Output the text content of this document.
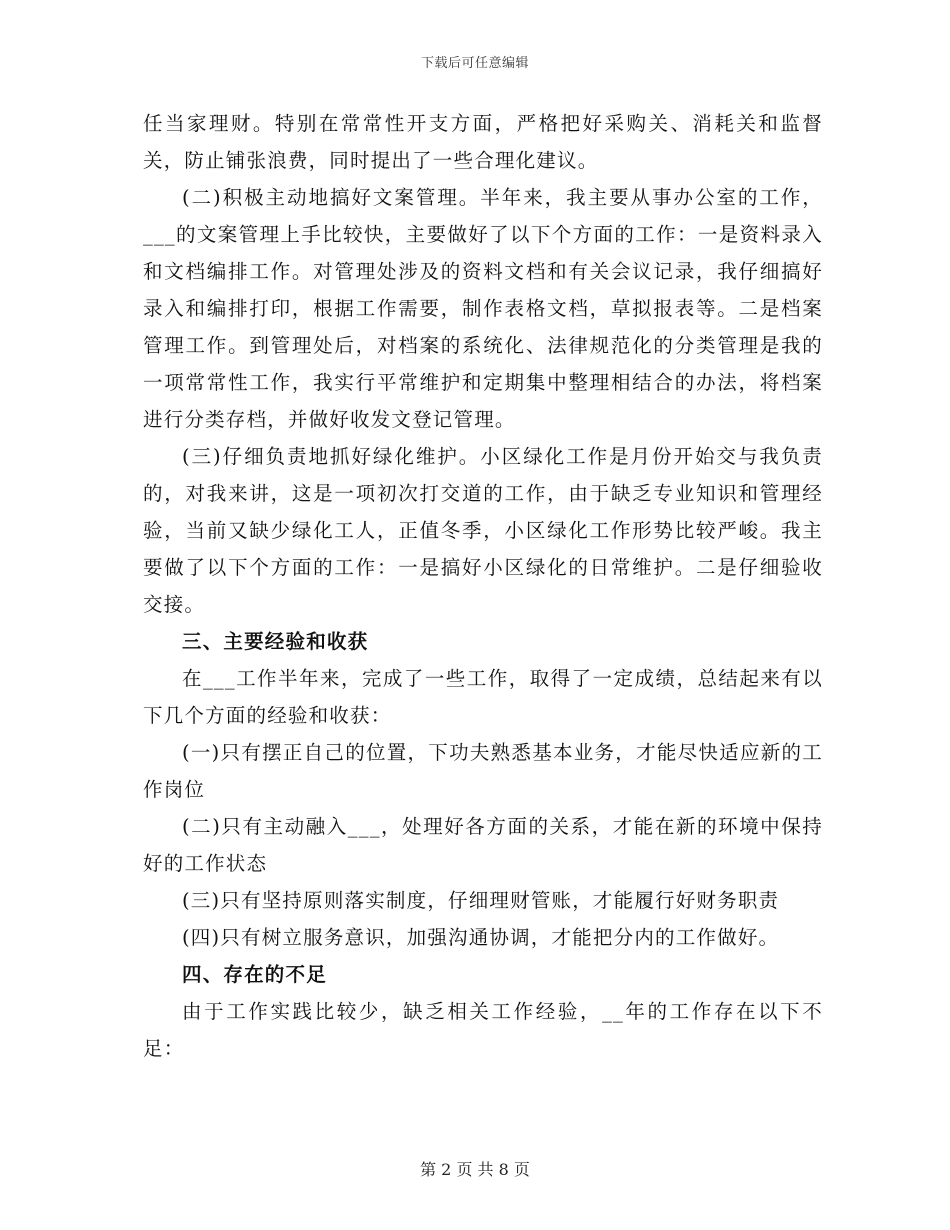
下载后可任意编辑

任当家理财。特别在常常性开支方面，严格把好采购关、消耗关和监督关，防止铺张浪费，同时提出了一些合理化建议。

(二)积极主动地搞好文案管理。半年来，我主要从事办公室的工作，___的文案管理上手比较快，主要做好了以下个方面的工作：一是资料录入和文档编排工作。对管理处涉及的资料文档和有关会议记录，我仔细搞好录入和编排打印，根据工作需要，制作表格文档，草拟报表等。二是档案管理工作。到管理处后，对档案的系统化、法律规范化的分类管理是我的一项常常性工作，我实行平常维护和定期集中整理相结合的办法，将档案进行分类存档，并做好收发文登记管理。

(三)仔细负责地抓好绿化维护。小区绿化工作是月份开始交与我负责的，对我来讲，这是一项初次打交道的工作，由于缺乏专业知识和管理经验，当前又缺少绿化工人，正值冬季，小区绿化工作形势比较严峻。我主要做了以下个方面的工作：一是搞好小区绿化的日常维护。二是仔细验收交接。

三、主要经验和收获

在___工作半年来，完成了一些工作，取得了一定成绩，总结起来有以下几个方面的经验和收获：

(一)只有摆正自己的位置，下功夫熟悉基本业务，才能尽快适应新的工作岗位

(二)只有主动融入___，处理好各方面的关系，才能在新的环境中保持好的工作状态

(三)只有坚持原则落实制度，仔细理财管账，才能履行好财务职责

(四)只有树立服务意识，加强沟通协调，才能把分内的工作做好。

四、存在的不足

由于工作实践比较少，缺乏相关工作经验，__年的工作存在以下不足：

第 2 页 共 8 页
